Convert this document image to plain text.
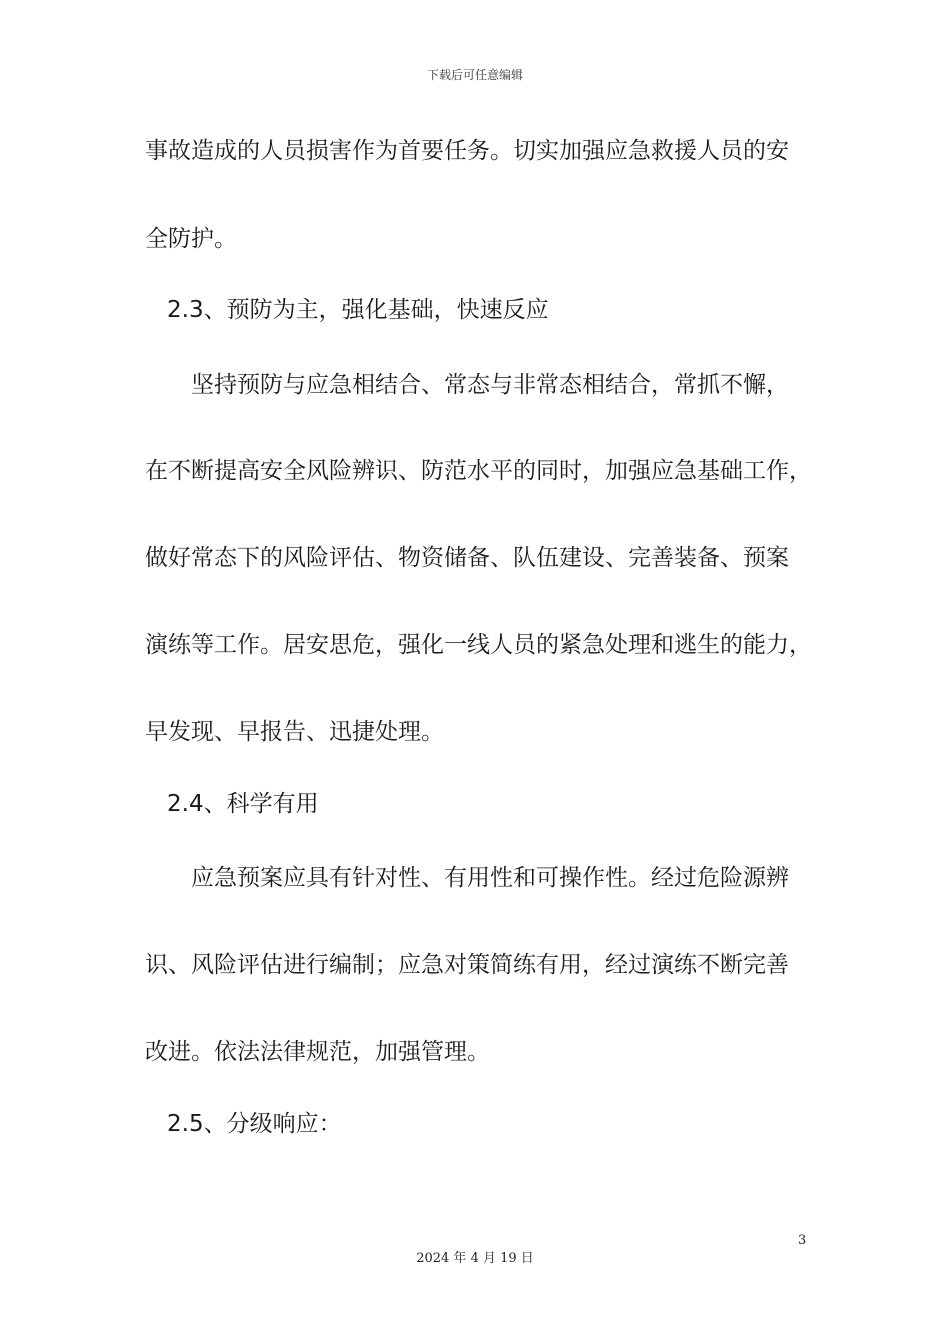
下载后可任意编辑
事故造成的人员损害作为首要任务。切实加强应急救援人员的安
全防护。
2.3、预防为主，强化基础，快速反应
坚持预防与应急相结合、常态与非常态相结合，常抓不懈，
在不断提高安全风险辨识、防范水平的同时，加强应急基础工作，
做好常态下的风险评估、物资储备、队伍建设、完善装备、预案
演练等工作。居安思危，强化一线人员的紧急处理和逃生的能力，
早发现、早报告、迅捷处理。
2.4、科学有用
应急预案应具有针对性、有用性和可操作性。经过危险源辨
识、风险评估进行编制；应急对策简练有用，经过演练不断完善
改进。依法法律规范，加强管理。
2.5、分级响应：
3
2024 年 4 月 19 日
